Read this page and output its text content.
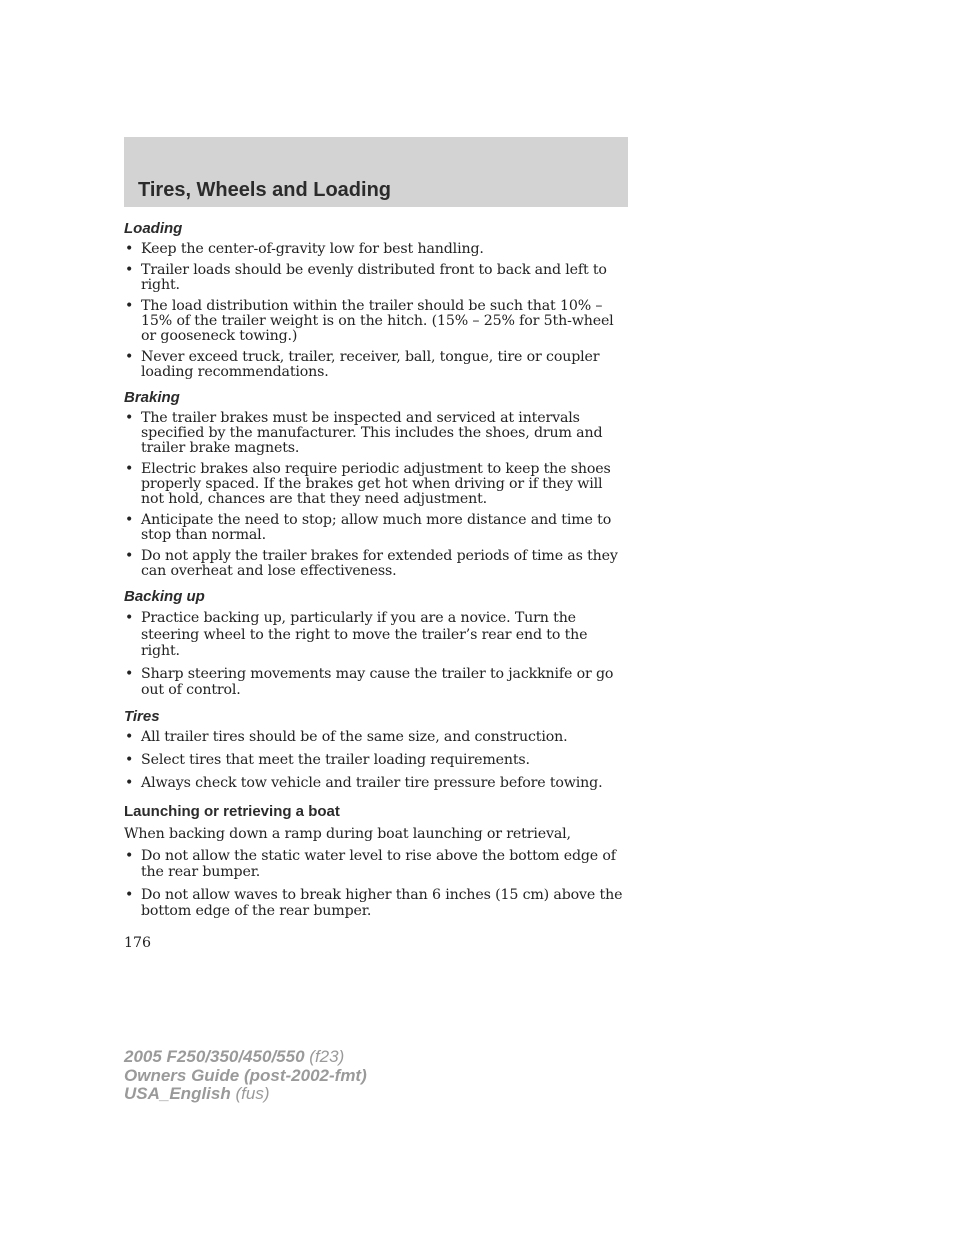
Tires, Wheels and Loading
Loading
• Keep the center-of-gravity low for best handling.
• Trailer loads should be evenly distributed front to back and left to right.
• The load distribution within the trailer should be such that 10% – 15% of the trailer weight is on the hitch. (15% – 25% for 5th-wheel or gooseneck towing.)
• Never exceed truck, trailer, receiver, ball, tongue, tire or coupler loading recommendations.
Braking
• The trailer brakes must be inspected and serviced at intervals specified by the manufacturer. This includes the shoes, drum and trailer brake magnets.
• Electric brakes also require periodic adjustment to keep the shoes properly spaced. If the brakes get hot when driving or if they will not hold, chances are that they need adjustment.
• Anticipate the need to stop; allow much more distance and time to stop than normal.
• Do not apply the trailer brakes for extended periods of time as they can overheat and lose effectiveness.
Backing up
• Practice backing up, particularly if you are a novice. Turn the steering wheel to the right to move the trailer’s rear end to the right.
• Sharp steering movements may cause the trailer to jackknife or go out of control.
Tires
• All trailer tires should be of the same size, and construction.
• Select tires that meet the trailer loading requirements.
• Always check tow vehicle and trailer tire pressure before towing.
Launching or retrieving a boat

When backing down a ramp during boat launching or retrieval,

• Do not allow the static water level to rise above the bottom edge of the rear bumper.
• Do not allow waves to break higher than 6 inches (15 cm) above the bottom edge of the rear bumper.
176
2005 F250/350/450/550 (f23)
Owners Guide (post-2002-fmt)
USA_English (fus)
